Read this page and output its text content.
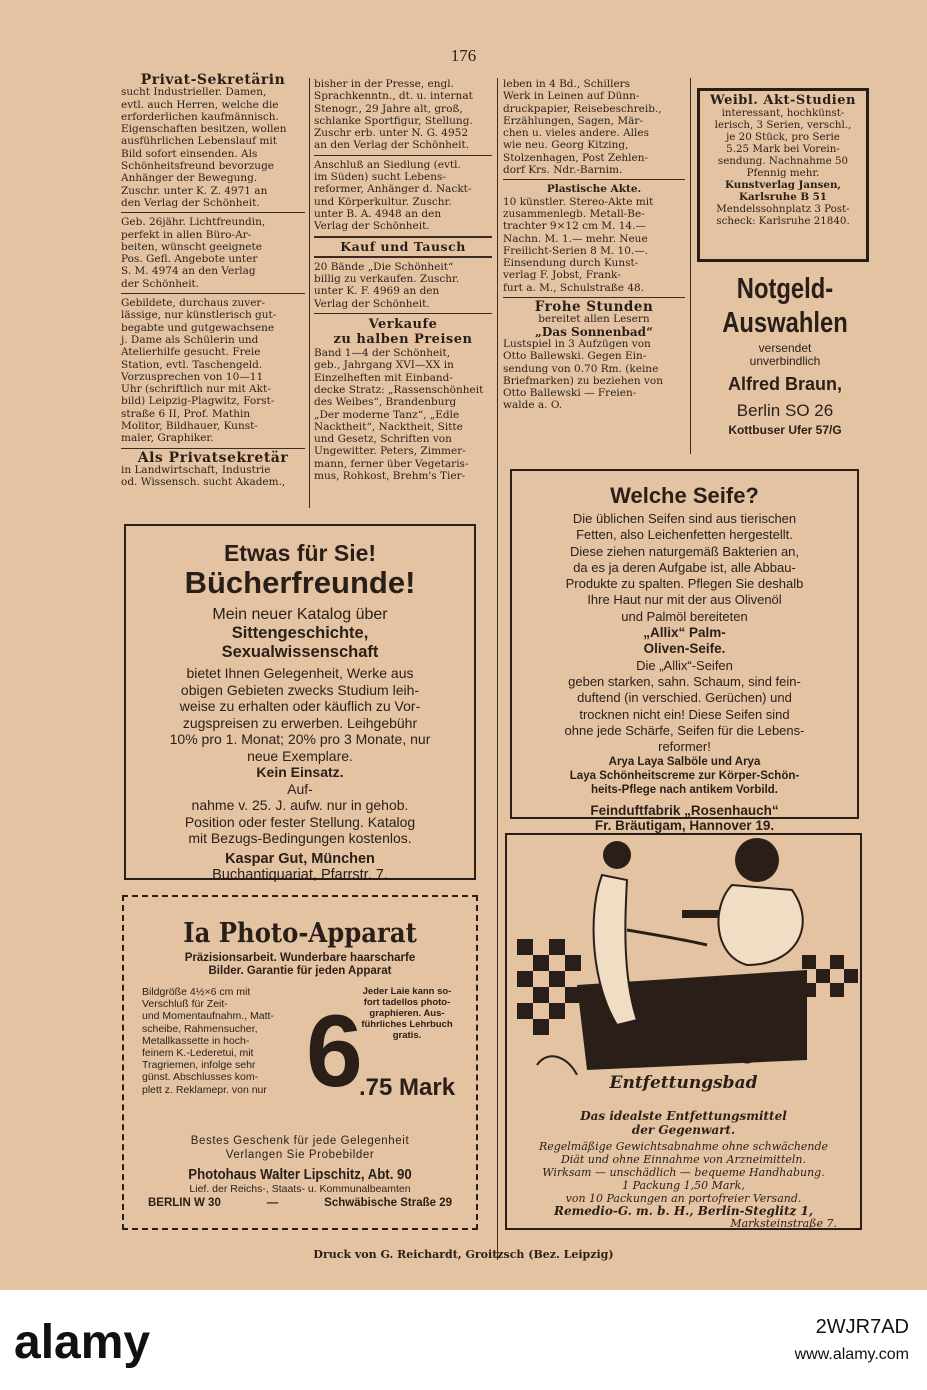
176

Privat-Sekretärin

sucht Industrieller. Damen,
evtl. auch Herren, welche die
erforderlichen kaufmännisch.
Eigenschaften besitzen, wollen
ausführlichen Lebenslauf mit
Bild sofort einsenden. Als
Schönheitsfreund bevorzuge
Anhänger der Bewegung.
Zuschr. unter K. Z. 4971 an
den Verlag der Schönheit.

Geb. 26jähr. Lichtfreundin,
perfekt in allen Büro-Ar-
beiten, wünscht geeignete
Pos. Gefl. Angebote unter
S. M. 4974 an den Verlag
der Schönheit.

Gebildete, durchaus zuver-
lässige, nur künstlerisch gut-
begabte und gutgewachsene
j. Dame als Schülerin und
Atelierhilfe gesucht. Freie
Station, evtl. Taschengeld.
Vorzusprechen von 10—11
Uhr (schriftlich nur mit Akt-
bild) Leipzig-Plagwitz, Forst-
straße 6 II, Prof. Mathin
Molitor, Bildhauer, Kunst-
maler, Graphiker.

Als Privatsekretär

in Landwirtschaft, Industrie
od. Wissensch. sucht Akadem.,

bisher in der Presse, engl.
Sprachkenntn., dt. u. internat
Stenogr., 29 Jahre alt, groß,
schlanke Sportfigur, Stellung.
Zuschr erb. unter N. G. 4952
an den Verlag der Schönheit.

Anschluß an Siedlung (evtl.
im Süden) sucht Lebens-
reformer, Anhänger d. Nackt-
und Körperkultur. Zuschr.
unter B. A. 4948 an den
Verlag der Schönheit.

Kauf und Tausch

20 Bände „Die Schönheit“
billig zu verkaufen. Zuschr.
unter K. F. 4969 an den
Verlag der Schönheit.

Verkaufe
zu halben Preisen

Band 1—4 der Schönheit,
geb., Jahrgang XVI—XX in
Einzelheften mit Einband-
decke Stratz: „Rassenschönheit
des Weibes“, Brandenburg
„Der moderne Tanz“, „Edle
Nacktheit“, Nacktheit, Sitte
und Gesetz, Schriften von
Ungewitter. Peters, Zimmer-
mann, ferner über Vegetaris-
mus, Rohkost, Brehm's Tier-

leben in 4 Bd., Schillers
Werk in Leinen auf Dünn-
druckpapier, Reisebeschreib.,
Erzählungen, Sagen, Mär-
chen u. vieles andere. Alles
wie neu. Georg Kitzing,
Stolzenhagen, Post Zehlen-
dorf Krs. Ndr.-Barnim.

Plastische Akte.

10 künstler. Stereo-Akte mit
zusammenlegb. Metall-Be-
trachter 9×12 cm M. 14.—
Nachn. M. 1.— mehr. Neue
Freilicht-Serien 8 M. 10.—.
Einsendung durch Kunst-
verlag F. Jobst, Frank-
furt a. M., Schulstraße 48.

Frohe Stunden

bereitet allen Lesern

„Das Sonnenbad“

Lustspiel in 3 Aufzügen von
Otto Ballewski. Gegen Ein-
sendung von 0.70 Rm. (keine
Briefmarken) zu beziehen von
Otto Ballewski — Freien-
walde a. O.

Weibl. Akt-Studien

interessant, hochkünst-
lerisch, 3 Serien, verschl.,
je 20 Stück, pro Serie
5.25 Mark bei Vorein-
sendung. Nachnahme 50
Pfennig mehr.

Kunstverlag Jansen,
Karlsruhe B 51

Mendelssohnplatz 3 Post-
scheck: Karlsruhe 21840.

Notgeld-
Auswahlen
versendet
unverbindlich
Alfred Braun,
Berlin SO 26
Kottbuser Ufer 57/G
Etwas für Sie!
Bücherfreunde!
Mein neuer Katalog über
Sittengeschichte,
Sexualwissenschaft
bietet Ihnen Gelegenheit, Werke aus
obigen Gebieten zwecks Studium leih-
weise zu erhalten oder käuflich zu Vor-
zugspreisen zu erwerben. Leihgebühr
10% pro 1. Monat; 20% pro 3 Monate, nur
neue Exemplare.
Kein Einsatz.
Auf-
nahme v. 25. J. aufw. nur in gehob.
Position oder fester Stellung. Katalog
mit Bezugs-Bedingungen kostenlos.
Kaspar Gut, München
Buchantiquariat, Pfarrstr. 7.
Ia Photo-Apparat
Präzisionsarbeit. Wunderbare haarscharfe
Bilder. Garantie für jeden Apparat
Bildgröße 4½×6 cm mit
Verschluß für Zeit-
und Momentaufnahm., Matt-
scheibe, Rahmensucher,
Metallkassette in hoch-
feinem K.-Lederetui, mit
Tragriemen, infolge sehr
günst. Abschlusses kom-
plett z. Reklamepr. von nur
Jeder Laie kann so-
fort tadellos photo-
graphieren. Aus-
führliches Lehrbuch
gratis.
6
.75 Mark
Bestes Geschenk für jede Gelegenheit
Verlangen Sie Probebilder
Photohaus Walter Lipschitz, Abt. 90
Lief. der Reichs-, Staats- u. Kommunalbeamten
BERLIN W 30	—	Schwäbische Straße 29
Welche Seife?
Die üblichen Seifen sind aus tierischen
Fetten, also Leichenfetten hergestellt.
Diese ziehen naturgemäß Bakterien an,
da es ja deren Aufgabe ist, alle Abbau-
Produkte zu spalten. Pflegen Sie deshalb
Ihre Haut nur mit der aus Olivenöl
und Palmöl bereiteten
„Allix“ Palm-
Oliven-Seife.
Die „Allix“-Seifen
geben starken, sahn. Schaum, sind fein-
duftend (in verschied. Gerüchen) und
trocknen nicht ein! Diese Seifen sind
ohne jede Schärfe, Seifen für die Lebens-
reformer!
Arya Laya Salböle und Arya
Laya Schönheitscreme zur Körper-Schön-
heits-Pflege nach antikem Vorbild.
Feinduftfabrik „Rosenhauch“
Fr. Bräutigam, Hannover 19.
Remedio
Entfettungsbad
Das idealste Entfettungsmittel
der Gegenwart.
Regelmäßige Gewichtsabnahme ohne schwächende
Diät und ohne Einnahme von Arzneimitteln.
Wirksam — unschädlich — bequeme Handhabung.
1 Packung 1,50 Mark,
von 10 Packungen an portofreier Versand.
Remedio-G. m. b. H., Berlin-Steglitz 1,
Marksteinstraße 7.
Druck von G. Reichardt, Groitzsch (Bez. Leipzig)
alamy	2WJR7AD
www.alamy.com
